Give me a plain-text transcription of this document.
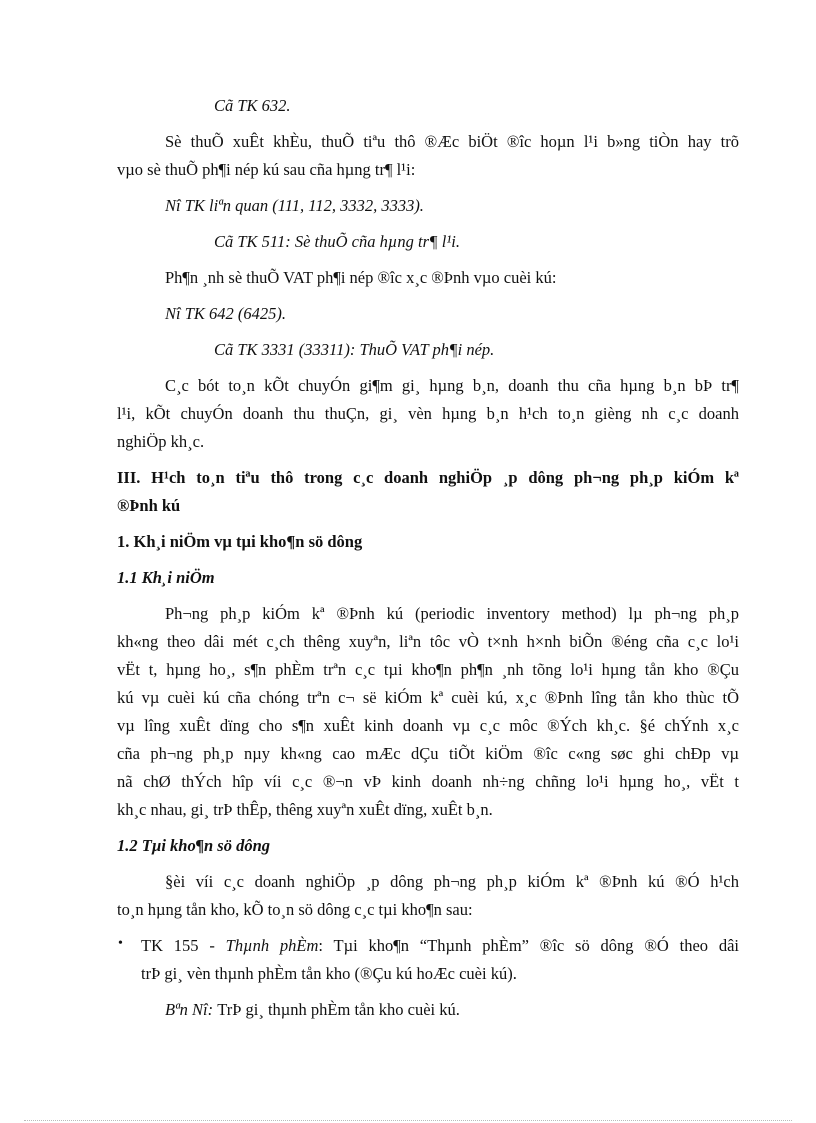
Cã TK 632.
Sè thuÕ xuÊt khÈu, thuÕ tiªu thô ®Æc biÖt ®îc hoµn l¹i b»ng tiÒn hay trõ
vµo sè thuÕ ph¶i nép kú sau cña hµng tr¶ l¹i:
Nî TK liªn quan (111, 112, 3332, 3333).
Cã TK 511: Sè thuÕ cña hµng tr¶ l¹i.
Ph¶n ¸nh sè thuÕ VAT ph¶i nép ®îc x¸c ®Þnh vµo cuèi kú:
Nî TK 642 (6425).
Cã TK 3331 (33311): ThuÕ VAT ph¶i nép.
C¸c bót to¸n kÕt chuyÓn gi¶m gi¸ hµng b¸n, doanh thu cña hµng b¸n bÞ tr¶
l¹i, kÕt chuyÓn doanh thu thuÇn, gi¸ vèn hµng b¸n h¹ch to¸n gièng nh c¸c doanh
nghiÖp kh¸c.
III. H¹ch to¸n tiªu thô trong c¸c doanh nghiÖp ¸p dông ph¬ng ph¸p kiÓm kª
®Þnh kú
1. Kh¸i niÖm vµ tµi kho¶n sö dông
1.1 Kh¸i niÖm
Ph¬ng ph¸p kiÓm kª ®Þnh kú (periodic inventory method) lµ ph¬ng ph¸p
kh«ng theo dâi mét c¸ch thêng xuyªn, liªn tôc vÒ t×nh h×nh biÕn ®éng cña c¸c lo¹i
vËt t, hµng ho¸, s¶n phÈm trªn c¸c tµi kho¶n ph¶n ¸nh tõng lo¹i hµng tån kho ®Çu
kú vµ cuèi kú cña chóng trªn c¬ së kiÓm kª cuèi kú, x¸c ®Þnh lîng tån kho thùc tÕ
vµ lîng xuÊt dïng cho s¶n xuÊt kinh doanh vµ c¸c môc ®Ých kh¸c. §é chÝnh x¸c
cña ph¬ng ph¸p nµy kh«ng cao mÆc dÇu tiÕt kiÖm ®îc c«ng søc ghi chÐp vµ
nã chØ thÝch hîp víi c¸c ®¬n vÞ kinh doanh nh÷ng chñng lo¹i hµng ho¸, vËt t
kh¸c nhau, gi¸ trÞ thÊp, thêng xuyªn xuÊt dïng, xuÊt b¸n.
1.2 Tµi kho¶n sö dông
§èi víi c¸c doanh nghiÖp ¸p dông ph¬ng ph¸p kiÓm kª ®Þnh kú ®Ó h¹ch
to¸n hµng tån kho, kÕ to¸n sö dông c¸c tµi kho¶n sau:
• TK 155 - Thµnh phÈm: Tµi kho¶n “Thµnh phÈm” ®îc sö dông ®Ó theo dâi
trÞ gi¸ vèn thµnh phÈm tån kho (®Çu kú hoÆc cuèi kú).
Bªn Nî: TrÞ gi¸ thµnh phÈm tån kho cuèi kú.
